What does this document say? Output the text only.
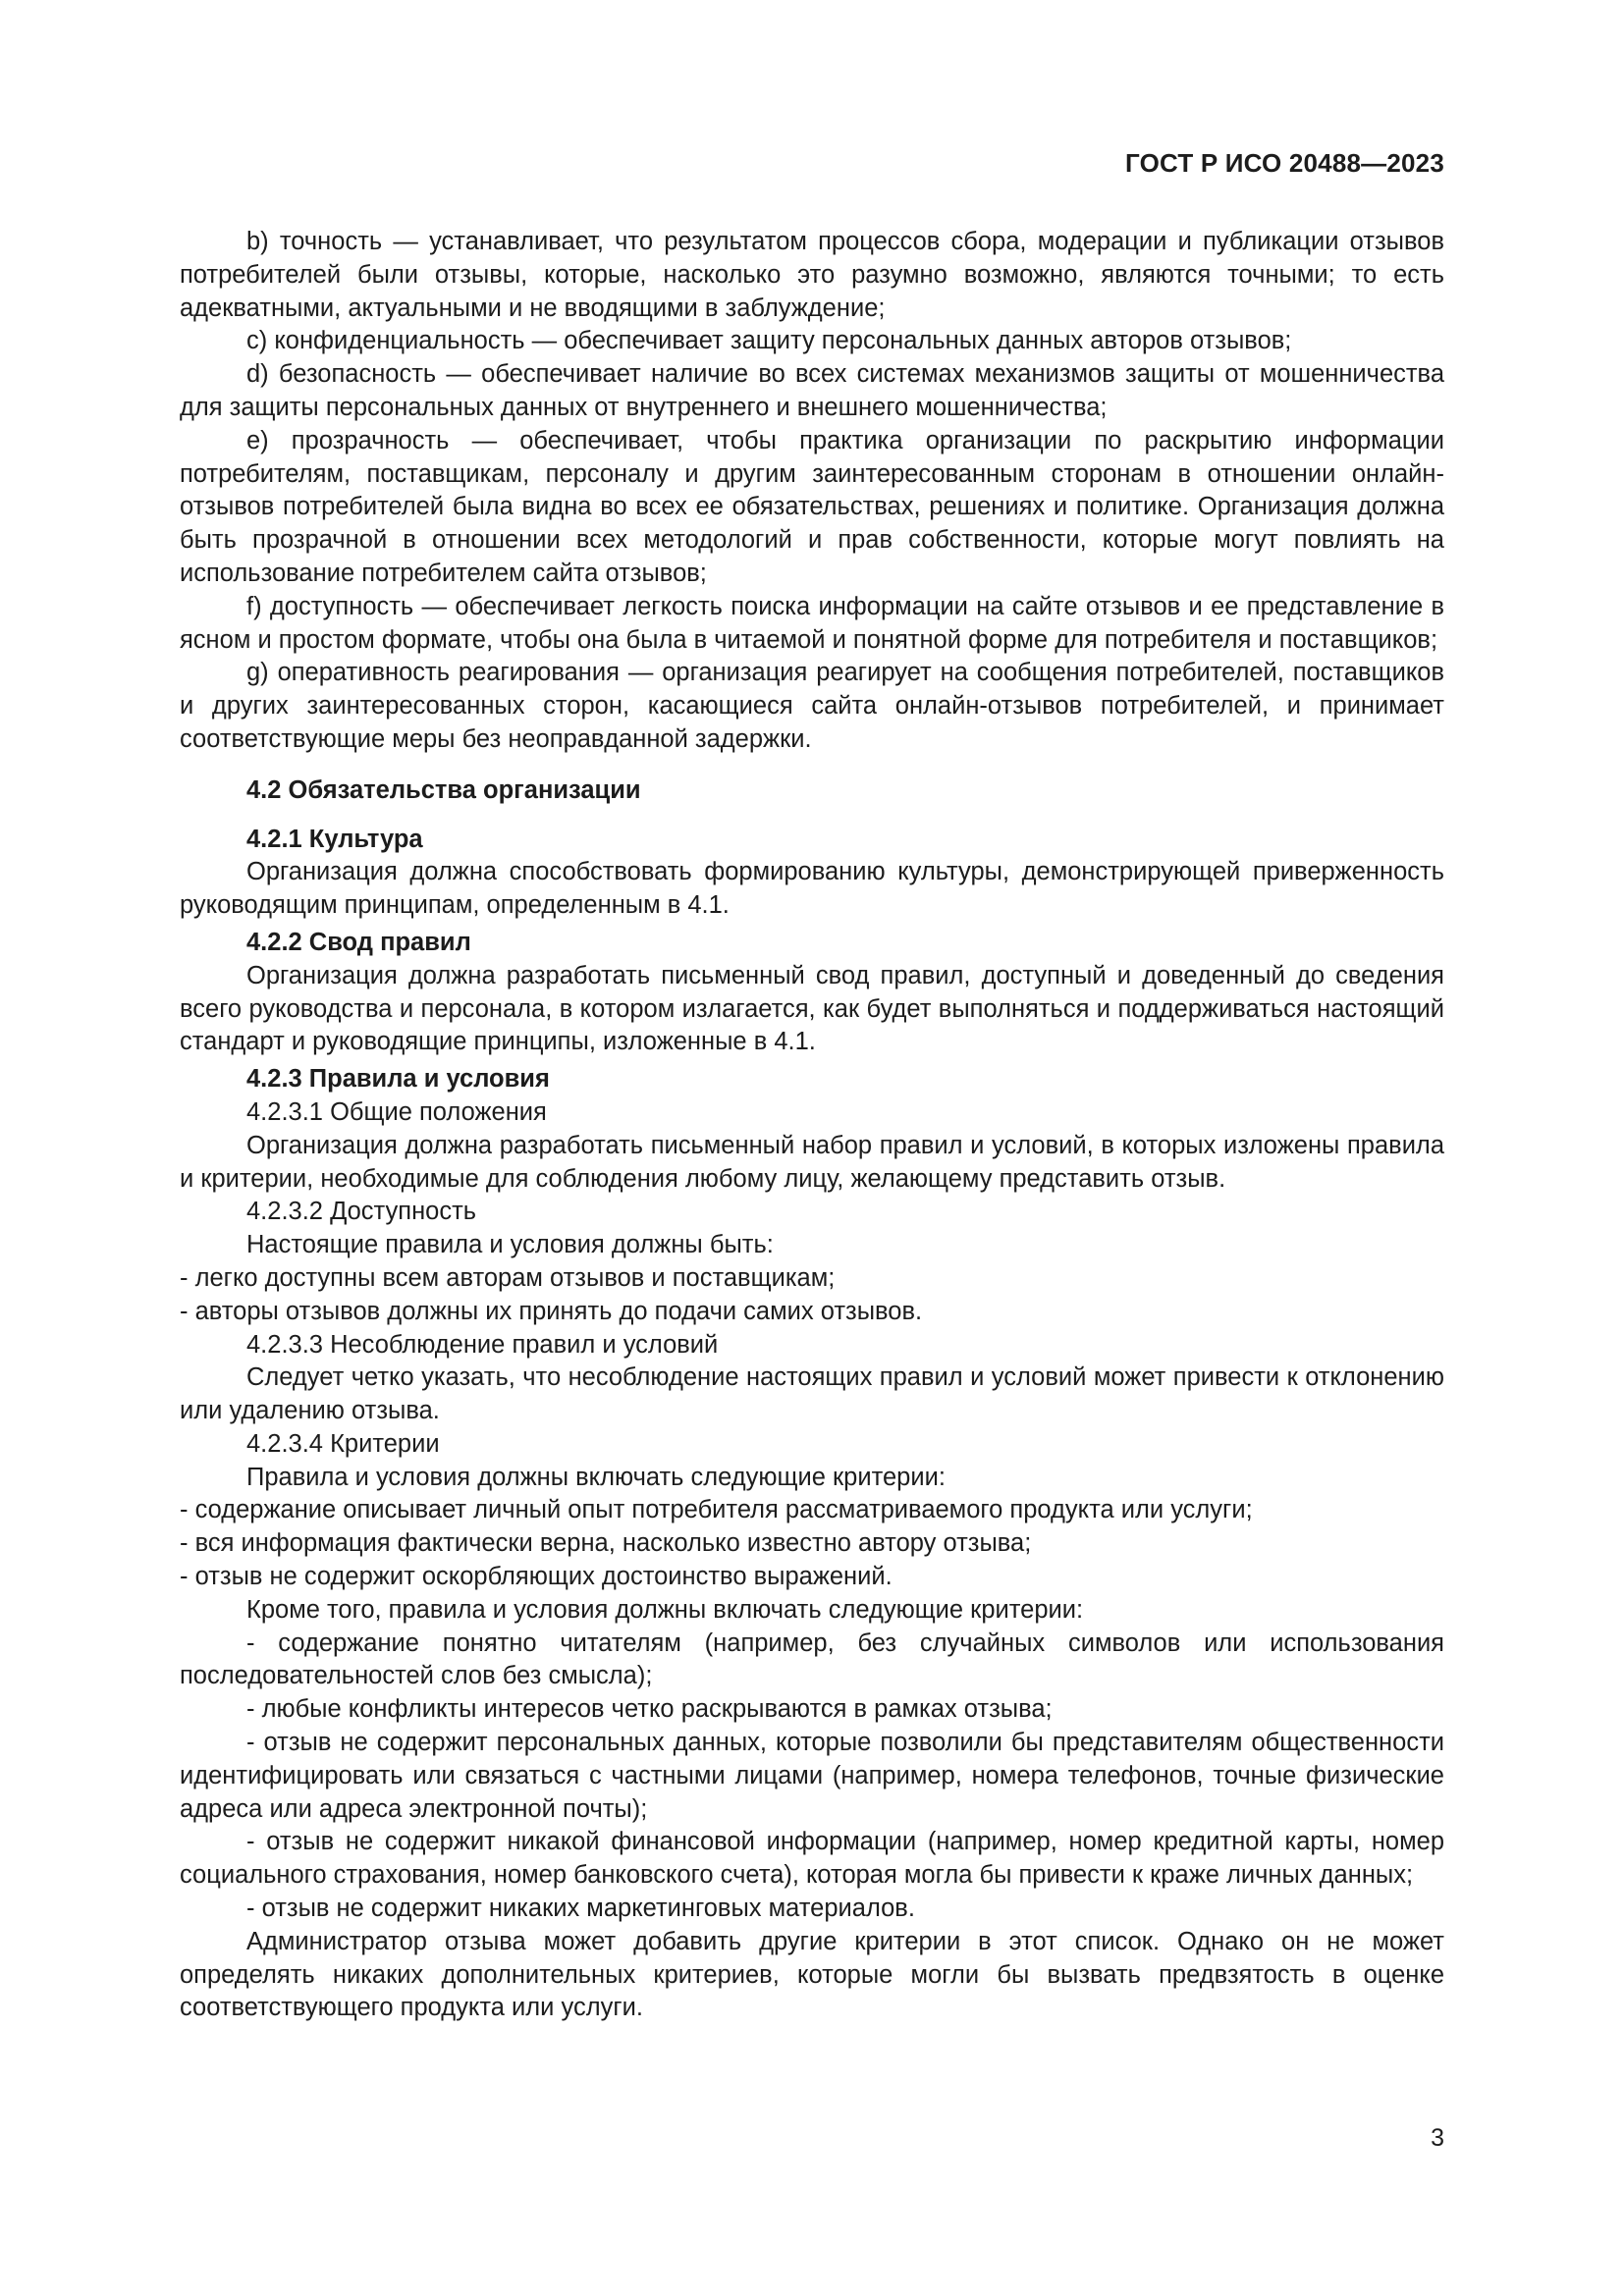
ГОСТ Р ИСО 20488—2023

b) точность — устанавливает, что результатом процессов сбора, модерации и публикации отзывов потребителей были отзывы, которые, насколько это разумно возможно, являются точными; то есть адекватными, актуальными и не вводящими в заблуждение;

c) конфиденциальность — обеспечивает защиту персональных данных авторов отзывов;

d) безопасность — обеспечивает наличие во всех системах механизмов защиты от мошенничества для защиты персональных данных от внутреннего и внешнего мошенничества;

e) прозрачность — обеспечивает, чтобы практика организации по раскрытию информации потребителям, поставщикам, персоналу и другим заинтересованным сторонам в отношении онлайн-отзывов потребителей была видна во всех ее обязательствах, решениях и политике. Организация должна быть прозрачной в отношении всех методологий и прав собственности, которые могут повлиять на использование потребителем сайта отзывов;

f) доступность — обеспечивает легкость поиска информации на сайте отзывов и ее представление в ясном и простом формате, чтобы она была в читаемой и понятной форме для потребителя и поставщиков;

g) оперативность реагирования — организация реагирует на сообщения потребителей, поставщиков и других заинтересованных сторон, касающиеся сайта онлайн-отзывов потребителей, и принимает соответствующие меры без неоправданной задержки.

4.2 Обязательства организации

4.2.1 Культура

Организация должна способствовать формированию культуры, демонстрирующей приверженность руководящим принципам, определенным в 4.1.

4.2.2 Свод правил

Организация должна разработать письменный свод правил, доступный и доведенный до сведения всего руководства и персонала, в котором излагается, как будет выполняться и поддерживаться настоящий стандарт и руководящие принципы, изложенные в 4.1.

4.2.3 Правила и условия

4.2.3.1 Общие положения

Организация должна разработать письменный набор правил и условий, в которых изложены правила и критерии, необходимые для соблюдения любому лицу, желающему представить отзыв.

4.2.3.2 Доступность

Настоящие правила и условия должны быть:

- легко доступны всем авторам отзывов и поставщикам;

- авторы отзывов должны их принять до подачи самих отзывов.

4.2.3.3 Несоблюдение правил и условий

Следует четко указать, что несоблюдение настоящих правил и условий может привести к отклонению или удалению отзыва.

4.2.3.4 Критерии

Правила и условия должны включать следующие критерии:

- содержание описывает личный опыт потребителя рассматриваемого продукта или услуги;

- вся информация фактически верна, насколько известно автору отзыва;

- отзыв не содержит оскорбляющих достоинство выражений.

Кроме того, правила и условия должны включать следующие критерии:

- содержание понятно читателям (например, без случайных символов или использования последовательностей слов без смысла);

- любые конфликты интересов четко раскрываются в рамках отзыва;

- отзыв не содержит персональных данных, которые позволили бы представителям общественности идентифицировать или связаться с частными лицами (например, номера телефонов, точные физические адреса или адреса электронной почты);

- отзыв не содержит никакой финансовой информации (например, номер кредитной карты, номер социального страхования, номер банковского счета), которая могла бы привести к краже личных данных;

- отзыв не содержит никаких маркетинговых материалов.

Администратор отзыва может добавить другие критерии в этот список. Однако он не может определять никаких дополнительных критериев, которые могли бы вызвать предвзятость в оценке соответствующего продукта или услуги.

3
